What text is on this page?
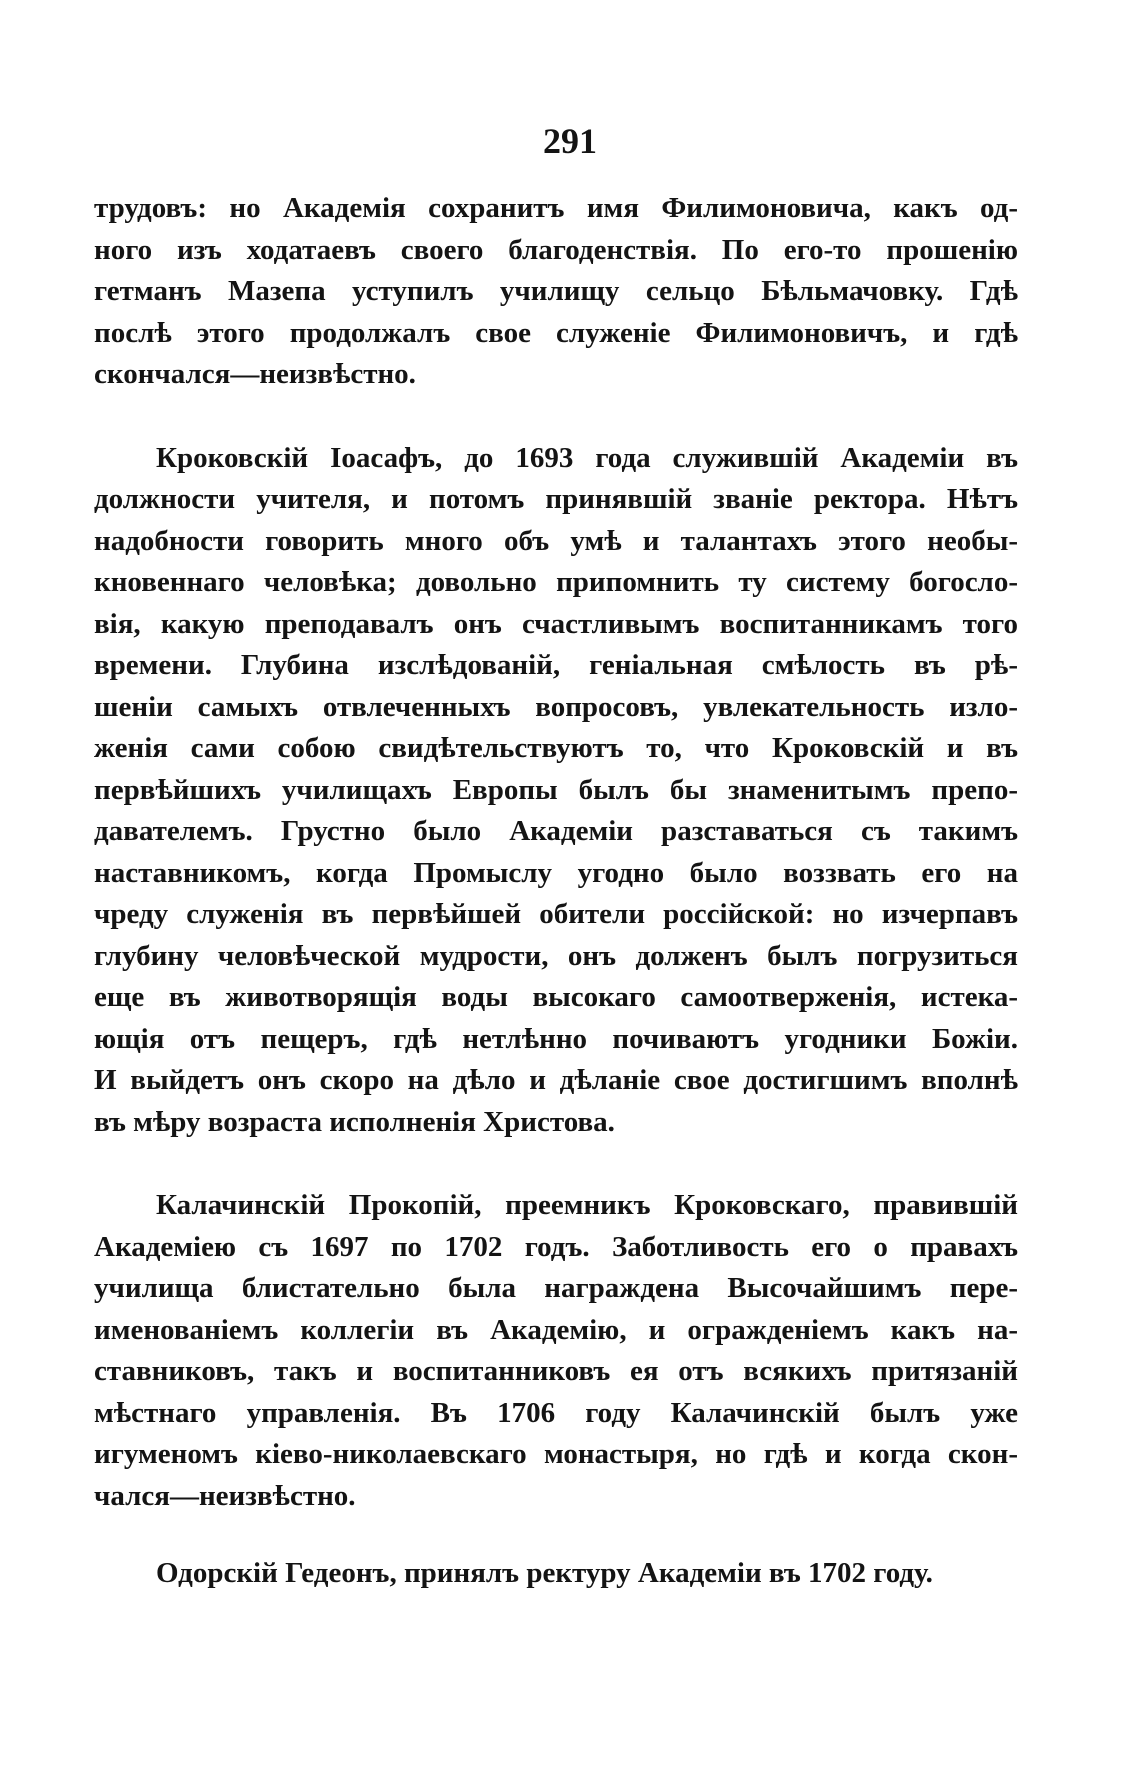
291
трудовъ: но Академія сохранитъ имя Филимоновича, какъ од-
ного изъ ходатаевъ своего благоденствія. По его-то прошенію
гетманъ Мазепа уступилъ училищу сельцо Бѣльмачовку. Гдѣ
послѣ этого продолжалъ свое служеніе Филимоновичъ, и гдѣ
скончался—неизвѣстно.
Кроковскій Іоасафъ, до 1693 года служившій Академіи въ
должности учителя, и потомъ принявшій званіе ректора. Нѣтъ
надобности говорить много объ умѣ и талантахъ этого необы-
кновеннаго человѣка; довольно припомнить ту систему богосло-
вія, какую преподавалъ онъ счастливымъ воспитанникамъ того
времени. Глубина изслѣдованій, геніальная смѣлость въ рѣ-
шеніи самыхъ отвлеченныхъ вопросовъ, увлекательность изло-
женія сами собою свидѣтельствуютъ то, что Кроковскій и въ
первѣйшихъ училищахъ Европы былъ бы знаменитымъ препо-
давателемъ. Грустно было Академіи разставаться съ такимъ
наставникомъ, когда Промыслу угодно было воззвать его на
чреду служенія въ первѣйшей обители россійской: но изчерпавъ
глубину человѣческой мудрости, онъ долженъ былъ погрузиться
еще въ животворящія воды высокаго самоотверженія, истека-
ющія отъ пещеръ, гдѣ нетлѣнно почиваютъ угодники Божіи.
И выйдетъ онъ скоро на дѣло и дѣланіе свое достигшимъ вполнѣ
въ мѣру возраста исполненія Христова.
Калачинскій Прокопій, преемникъ Кроковскаго, правившій
Академіею съ 1697 по 1702 годъ. Заботливость его о правахъ
училища блистательно была награждена Высочайшимъ пере-
именованіемъ коллегіи въ Академію, и огражденіемъ какъ на-
ставниковъ, такъ и воспитанниковъ ея отъ всякихъ притязаній
мѣстнаго управленія. Въ 1706 году Калачинскій былъ уже
игуменомъ кіево-николаевскаго монастыря, но гдѣ и когда скон-
чался—неизвѣстно.
Одорскій Гедеонъ, принялъ ректуру Академіи въ 1702 году.
